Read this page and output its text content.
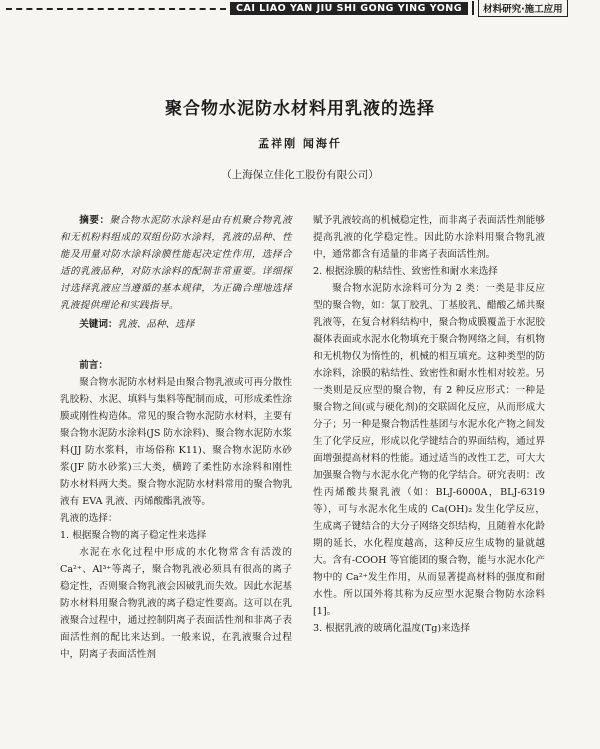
CAI LIAO YAN JIU SHI GONG YING YONG	材料研究·施工应用
聚合物水泥防水材料用乳液的选择
孟祥刚 闻海仟
（上海保立佳化工股份有限公司）

摘要：聚合物水泥防水涂料是由有机聚合物乳液和无机粉料组成的双组份防水涂料，乳液的品种、性能及用量对防水涂料涂膜性能起决定性作用，选择合适的乳液品种，对防水涂料的配制非常重要。详细探讨选择乳液应当遵循的基本规律，为正确合理地选择乳液提供理论和实践指导。

关键词：乳液、品种、选择

前言：

聚合物水泥防水材料是由聚合物乳液或可再分散性乳胶粉、水泥、填料与集料等配制而成，可形成柔性涂膜或刚性构造体。常见的聚合物水泥防水材料，主要有聚合物水泥防水涂料(JS 防水涂料)、聚合物水泥防水浆料(JJ 防水浆料，市场俗称 K11)、聚合物水泥防水砂浆(JF 防水砂浆)三大类，横跨了柔性防水涂料和刚性防水材料两大类。聚合物水泥防水材料常用的聚合物乳液有 EVA 乳液、丙烯酸酯乳液等。

乳液的选择：

1. 根据聚合物的离子稳定性来选择

水泥在水化过程中形成的水化物常含有活泼的 Ca²⁺、Al³⁺等离子，聚合物乳液必须具有很高的离子稳定性，否则聚合物乳液会因破乳而失效。因此水泥基防水材料用聚合物乳液的离子稳定性要高。这可以在乳液聚合过程中，通过控制阴离子表面活性剂和非离子表面活性剂的配比来达到。一般来说，在乳液聚合过程中，阴离子表面活性剂

赋予乳液较高的机械稳定性，而非离子表面活性剂能够提高乳液的化学稳定性。因此防水涂料用聚合物乳液中，通常都含有适量的非离子表面活性剂。

2. 根据涂膜的粘结性、致密性和耐水来选择

聚合物水泥防水涂料可分为 2 类：一类是非反应型的聚合物，如：氯丁胶乳、丁基胶乳、醋酸乙烯共聚乳液等，在复合材料结构中，聚合物成膜覆盖于水泥胶凝体表面或水泥水化物填充于聚合物网络之间，有机物和无机物仅为惰性的，机械的相互填充。这种类型的防水涂料，涂膜的粘结性、致密性和耐水性相对较差。另一类则是反应型的聚合物，有 2 种反应形式：一种是聚合物之间(或与硬化剂)的交联固化反应，从而形成大分子；另一种是聚合物活性基团与水泥水化产物之间发生了化学反应，形成以化学键结合的界面结构，通过界面增强提高材料的性能。通过适当的改性工艺，可大大加强聚合物与水泥水化产物的化学结合。研究表明：改性丙烯酸共聚乳液（如：BLJ-6000A，BLJ-6319 等），可与水泥水化生成的 Ca(OH)₂ 发生化学反应，生成离子键结合的大分子网络交织结构，且随着水化龄期的延长，水化程度越高，这种反应生成物的量就越大。含有-COOH 等官能团的聚合物，能与水泥水化产物中的 Ca²⁺发生作用，从而显著提高材料的强度和耐水性。所以国外将其称为反应型水泥聚合物防水涂料[1]。

3. 根据乳液的玻璃化温度(Tg)来选择
